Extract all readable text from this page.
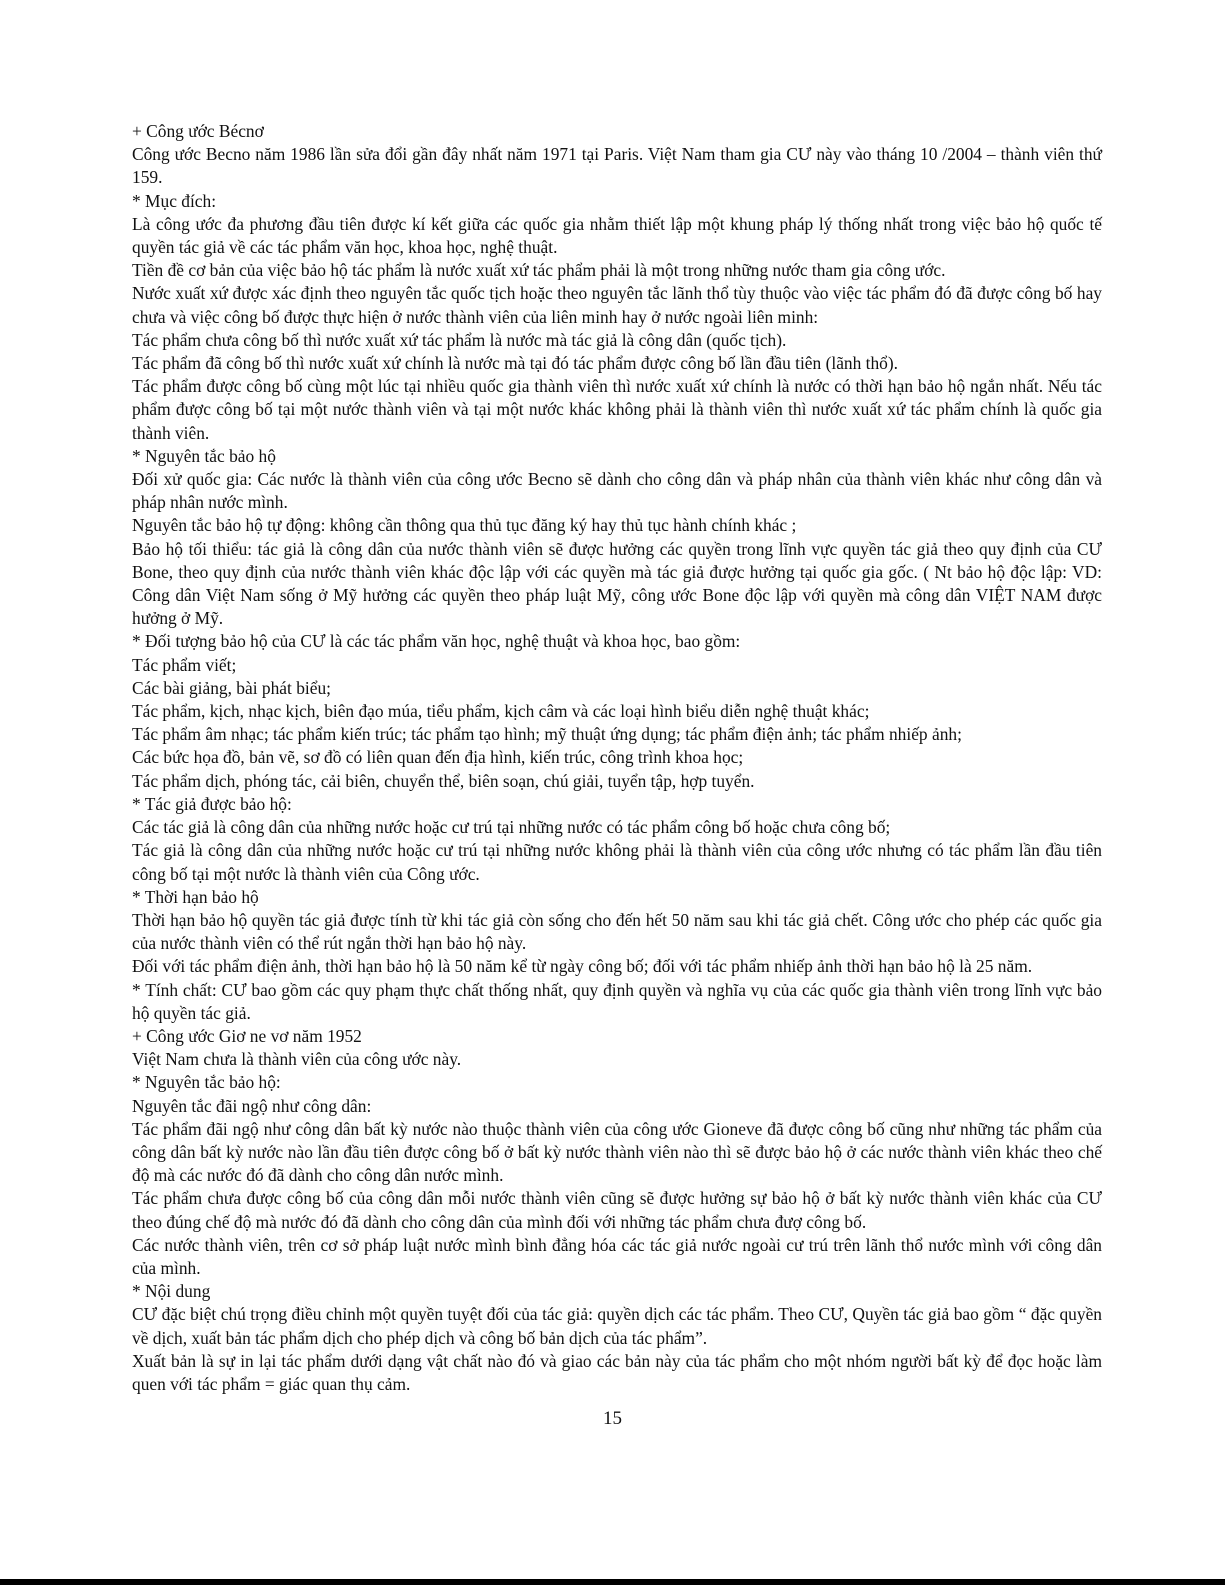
+ Công ước Bécnơ

Công ước Becno năm 1986 lần sửa đổi gần đây nhất năm 1971 tại Paris. Việt Nam tham gia CƯ này vào tháng 10 /2004 – thành viên thứ 159.

* Mục đích:

Là công ước đa phương đầu tiên được kí kết giữa các quốc gia nhằm thiết lập một khung pháp lý thống nhất trong việc bảo hộ quốc tế quyền tác giả về các tác phẩm văn học, khoa học, nghệ thuật.

Tiền đề cơ bản của việc bảo hộ tác phẩm là nước xuất xứ tác phẩm phải là một trong những nước tham gia công ước.

Nước xuất xứ được xác định theo nguyên tắc quốc tịch hoặc theo nguyên tắc lãnh thổ tùy thuộc vào việc tác phẩm đó đã được công bố hay chưa và việc công bố được thực hiện ở nước thành viên của liên minh hay ở nước ngoài liên minh:

Tác phẩm chưa công bố thì nước xuất xứ tác phẩm là nước mà tác giả là công dân (quốc tịch).

Tác phẩm đã công bố thì nước xuất xứ chính là nước mà tại đó tác phẩm được công bố lần đầu tiên (lãnh thổ).

Tác phẩm được công bố cùng một lúc tại nhiều quốc gia thành viên thì nước xuất xứ chính là nước có thời hạn bảo hộ ngắn nhất. Nếu tác phẩm được công bố tại một nước thành viên và tại một nước khác không phải là thành viên thì nước xuất xứ tác phẩm chính là quốc gia thành viên.

* Nguyên tắc bảo hộ

Đối xử quốc gia: Các nước là thành viên của công ước Becno sẽ dành cho công dân và pháp nhân của thành viên khác như công dân và pháp nhân nước mình.

Nguyên tắc bảo hộ tự động: không cần thông qua thủ tục đăng ký hay thủ tục hành chính khác ;

Bảo hộ tối thiểu: tác giả là công dân của nước thành viên sẽ được hưởng các quyền trong lĩnh vực quyền tác giả theo quy định của CƯ Bone, theo quy định của nước thành viên khác độc lập với các quyền mà tác giả được hưởng tại quốc gia gốc. ( Nt bảo hộ độc lập: VD: Công dân Việt Nam sống ở Mỹ hưởng các quyền theo pháp luật Mỹ, công ước Bone độc lập với quyền mà công dân VIỆT NAM được hưởng ở Mỹ.

* Đối tượng bảo hộ của CƯ là các tác phẩm văn học, nghệ thuật và khoa học, bao gồm:

Tác phẩm viết;

Các bài giảng, bài phát biểu;

Tác phẩm, kịch, nhạc kịch, biên đạo múa, tiểu phẩm, kịch câm và các loại hình biểu diễn nghệ thuật khác;

Tác phẩm âm nhạc; tác phẩm kiến trúc; tác phẩm tạo hình; mỹ thuật ứng dụng; tác phẩm điện ảnh; tác phẩm nhiếp ảnh;

Các bức họa đồ, bản vẽ, sơ đồ có liên quan đến địa hình, kiến trúc, công trình khoa học;

Tác phẩm dịch, phóng tác, cải biên, chuyển thể, biên soạn, chú giải, tuyển tập, hợp tuyển.

* Tác giả được bảo hộ:

Các tác giả là công dân của những nước hoặc cư trú tại những nước có tác phẩm công bố hoặc chưa công bố;

Tác giả là công dân của những nước hoặc cư trú tại những nước không phải là thành viên của công ước nhưng có tác phẩm lần đầu tiên công bố tại một nước là thành viên của Công ước.

* Thời hạn bảo hộ

Thời hạn bảo hộ quyền tác giả được tính từ khi tác giả còn sống cho đến hết 50 năm sau khi tác giả chết. Công ước cho phép các quốc gia của nước thành viên có thể rút ngắn thời hạn bảo hộ này.

Đối với tác phẩm điện ảnh, thời hạn bảo hộ là 50 năm kể từ ngày công bố; đối với tác phẩm nhiếp ảnh thời hạn bảo hộ là 25 năm.

* Tính chất: CƯ bao gồm các quy phạm thực chất thống nhất, quy định quyền và nghĩa vụ của các quốc gia thành viên trong lĩnh vực bảo hộ quyền tác giả.

+ Công ước Giơ ne vơ năm 1952

Việt Nam chưa là thành viên của công ước này.

* Nguyên tắc bảo hộ:

Nguyên tắc đãi ngộ như công dân:

Tác phẩm đãi ngộ như công dân bất kỳ nước nào thuộc thành viên của công ước Gioneve đã được công bố cũng như những tác phẩm của công dân bất kỳ nước nào lần đầu tiên được công bố ở bất kỳ nước thành viên nào thì sẽ được bảo hộ ở các nước thành viên khác theo chế độ mà các nước đó đã dành cho công dân nước mình.

Tác phẩm chưa được công bố của công dân mỗi nước thành viên cũng sẽ được hưởng sự bảo hộ ở bất kỳ nước thành viên khác của CƯ theo đúng chế độ mà nước đó đã dành cho công dân của mình đối với những tác phẩm chưa đượ công bố.

Các nước thành viên, trên cơ sở pháp luật nước mình bình đẳng hóa các tác giả nước ngoài cư trú trên lãnh thổ nước mình với công dân của mình.

* Nội dung

CƯ đặc biệt chú trọng điều chỉnh một quyền tuyệt đối của tác giả: quyền dịch các tác phẩm. Theo CƯ, Quyền tác giả bao gồm “ đặc quyền về dịch, xuất bản tác phẩm dịch cho phép dịch và công bố bản dịch của tác phẩm”.

Xuất bản là sự in lại tác phẩm dưới dạng vật chất nào đó và giao các bản này của tác phẩm cho một nhóm người bất kỳ để đọc hoặc làm quen với tác phẩm = giác quan thụ cảm.

15
